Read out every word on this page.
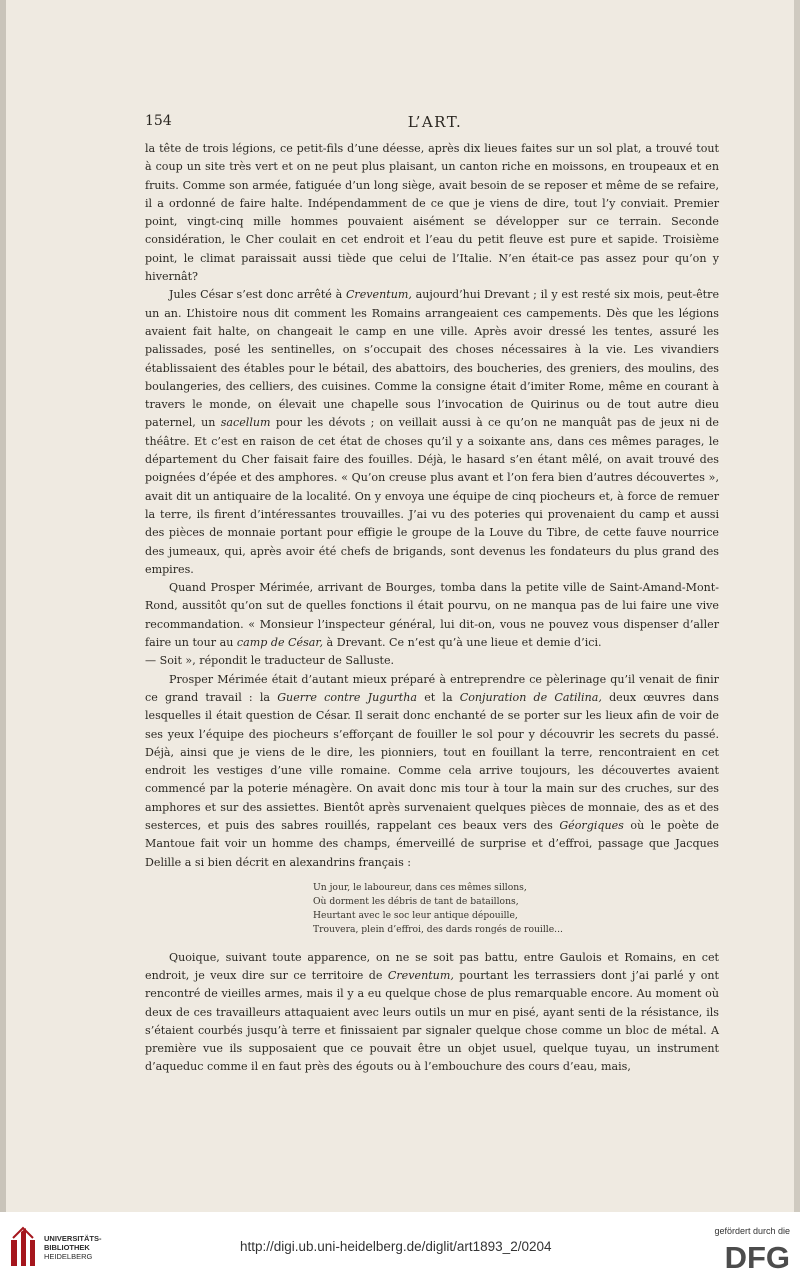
154	L’ART.

la tête de trois légions, ce petit-fils d’une déesse, après dix lieues faites sur un sol plat, a trouvé tout à coup un site très vert et on ne peut plus plaisant, un canton riche en moissons, en troupeaux et en fruits. Comme son armée, fatiguée d’un long siège, avait besoin de se reposer et même de se refaire, il a ordonné de faire halte. Indépendamment de ce que je viens de dire, tout l’y conviait. Premier point, vingt-cinq mille hommes pouvaient aisément se développer sur ce terrain. Seconde considération, le Cher coulait en cet endroit et l’eau du petit fleuve est pure et sapide. Troisième point, le climat paraissait aussi tiède que celui de l’Italie. N’en était-ce pas assez pour qu’on y hivernât?

Jules César s’est donc arrêté à Creventum, aujourd’hui Drevant ; il y est resté six mois, peut-être un an. L’histoire nous dit comment les Romains arrangeaient ces campements. Dès que les légions avaient fait halte, on changeait le camp en une ville. Après avoir dressé les tentes, assuré les palissades, posé les sentinelles, on s’occupait des choses nécessaires à la vie. Les vivandiers établissaient des étables pour le bétail, des abattoirs, des boucheries, des greniers, des moulins, des boulangeries, des celliers, des cuisines. Comme la consigne était d’imiter Rome, même en courant à travers le monde, on élevait une chapelle sous l’invocation de Quirinus ou de tout autre dieu paternel, un sacellum pour les dévots ; on veillait aussi à ce qu’on ne manquât pas de jeux ni de théâtre. Et c’est en raison de cet état de choses qu’il y a soixante ans, dans ces mêmes parages, le département du Cher faisait faire des fouilles. Déjà, le hasard s’en étant mêlé, on avait trouvé des poignées d’épée et des amphores. « Qu’on creuse plus avant et l’on fera bien d’autres découvertes », avait dit un antiquaire de la localité. On y envoya une équipe de cinq piocheurs et, à force de remuer la terre, ils firent d’intéressantes trouvailles. J’ai vu des poteries qui provenaient du camp et aussi des pièces de monnaie portant pour effigie le groupe de la Louve du Tibre, de cette fauve nourrice des jumeaux, qui, après avoir été chefs de brigands, sont devenus les fondateurs du plus grand des empires.

Quand Prosper Mérimée, arrivant de Bourges, tomba dans la petite ville de Saint-Amand-Mont-Rond, aussitôt qu’on sut de quelles fonctions il était pourvu, on ne manqua pas de lui faire une vive recommandation. « Monsieur l’inspecteur général, lui dit-on, vous ne pouvez vous dispenser d’aller faire un tour au camp de César, à Drevant. Ce n’est qu’à une lieue et demie d’ici.

— Soit », répondit le traducteur de Salluste.

Prosper Mérimée était d’autant mieux préparé à entreprendre ce pèlerinage qu’il venait de finir ce grand travail : la Guerre contre Jugurtha et la Conjuration de Catilina, deux œuvres dans lesquelles il était question de César. Il serait donc enchanté de se porter sur les lieux afin de voir de ses yeux l’équipe des piocheurs s’efforçant de fouiller le sol pour y découvrir les secrets du passé. Déjà, ainsi que je viens de le dire, les pionniers, tout en fouillant la terre, rencontraient en cet endroit les vestiges d’une ville romaine. Comme cela arrive toujours, les découvertes avaient commencé par la poterie ménagère. On avait donc mis tour à tour la main sur des cruches, sur des amphores et sur des assiettes. Bientôt après survenaient quelques pièces de monnaie, des as et des sesterces, et puis des sabres rouillés, rappelant ces beaux vers des Géorgiques où le poète de Mantoue fait voir un homme des champs, émerveillé de surprise et d’effroi, passage que Jacques Delille a si bien décrit en alexandrins français :

Un jour, le laboureur, dans ces mêmes sillons,
Où dorment les débris de tant de bataillons,
Heurtant avec le soc leur antique dépouille,
Trouvera, plein d’effroi, des dards rongés de rouille...

Quoique, suivant toute apparence, on ne se soit pas battu, entre Gaulois et Romains, en cet endroit, je veux dire sur ce territoire de Creventum, pourtant les terrassiers dont j’ai parlé y ont rencontré de vieilles armes, mais il y a eu quelque chose de plus remarquable encore. Au moment où deux de ces travailleurs attaquaient avec leurs outils un mur en pisé, ayant senti de la résistance, ils s’étaient courbés jusqu’à terre et finissaient par signaler quelque chose comme un bloc de métal. A première vue ils supposaient que ce pouvait être un objet usuel, quelque tuyau, un instrument d’aqueduc comme il en faut près des égouts ou à l’embouchure des cours d’eau, mais,

UNIVERSITÄTS-
BIBLIOTHEK
HEIDELBERG
http://digi.ub.uni-heidelberg.de/diglit/art1893_2/0204
gefördert durch die
DFG
